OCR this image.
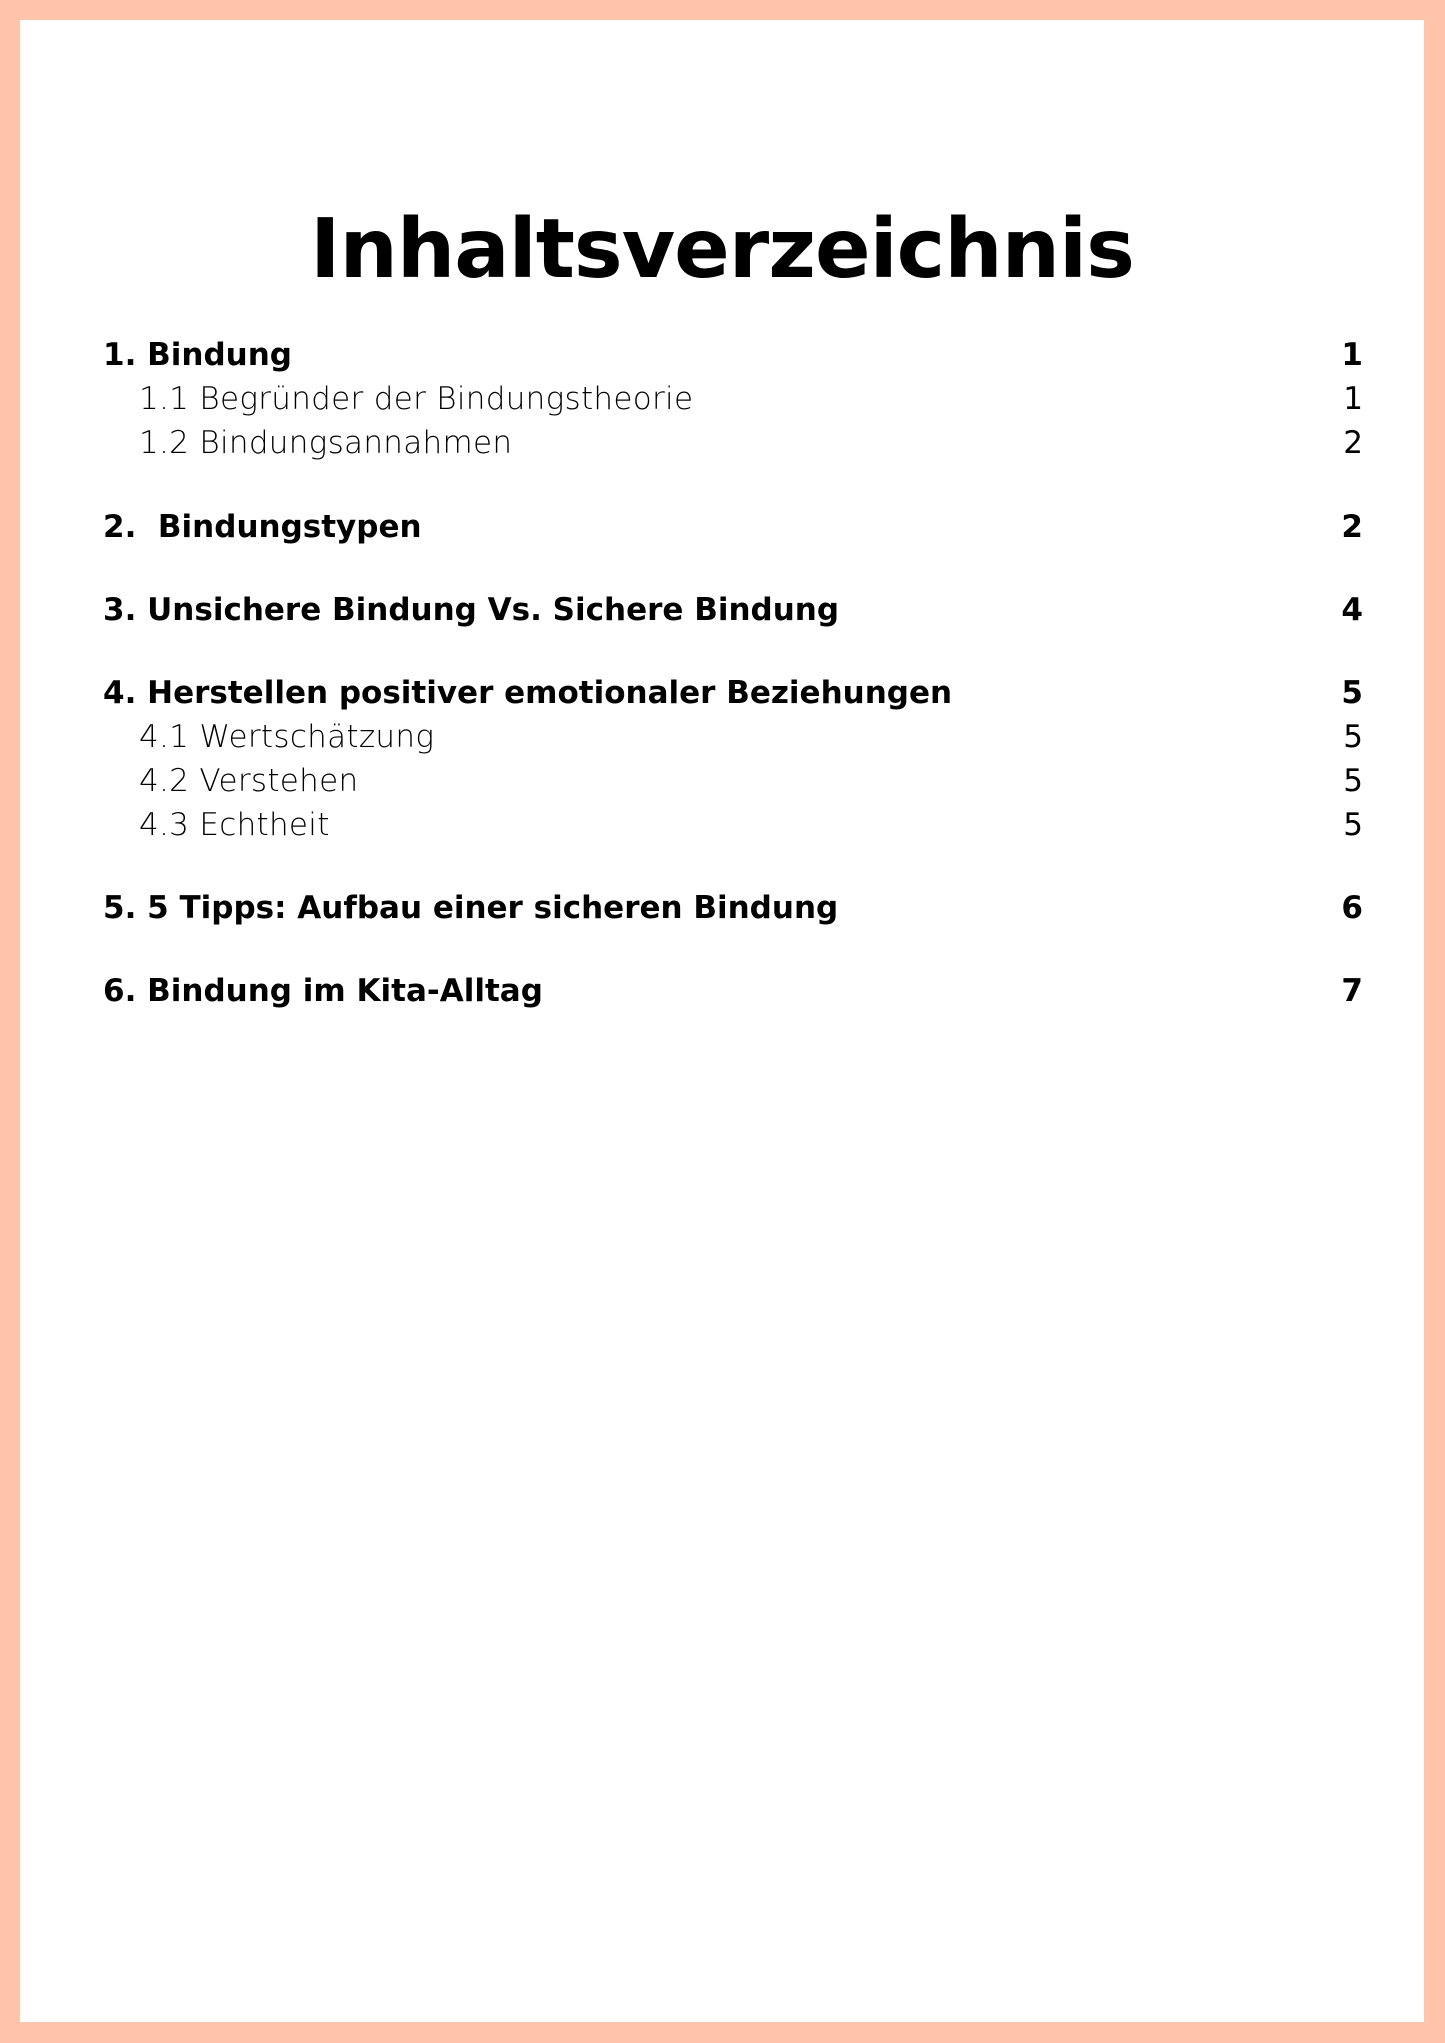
Inhaltsverzeichnis
1. Bindung	1
1.1 Begründer der Bindungstheorie	1
1.2 Bindungsannahmen	2
2.  Bindungstypen	2
3. Unsichere Bindung Vs. Sichere Bindung	4
4. Herstellen positiver emotionaler Beziehungen	5
4.1 Wertschätzung	5
4.2 Verstehen	5
4.3 Echtheit	5
5. 5 Tipps: Aufbau einer sicheren Bindung	6
6. Bindung im Kita-Alltag	7
